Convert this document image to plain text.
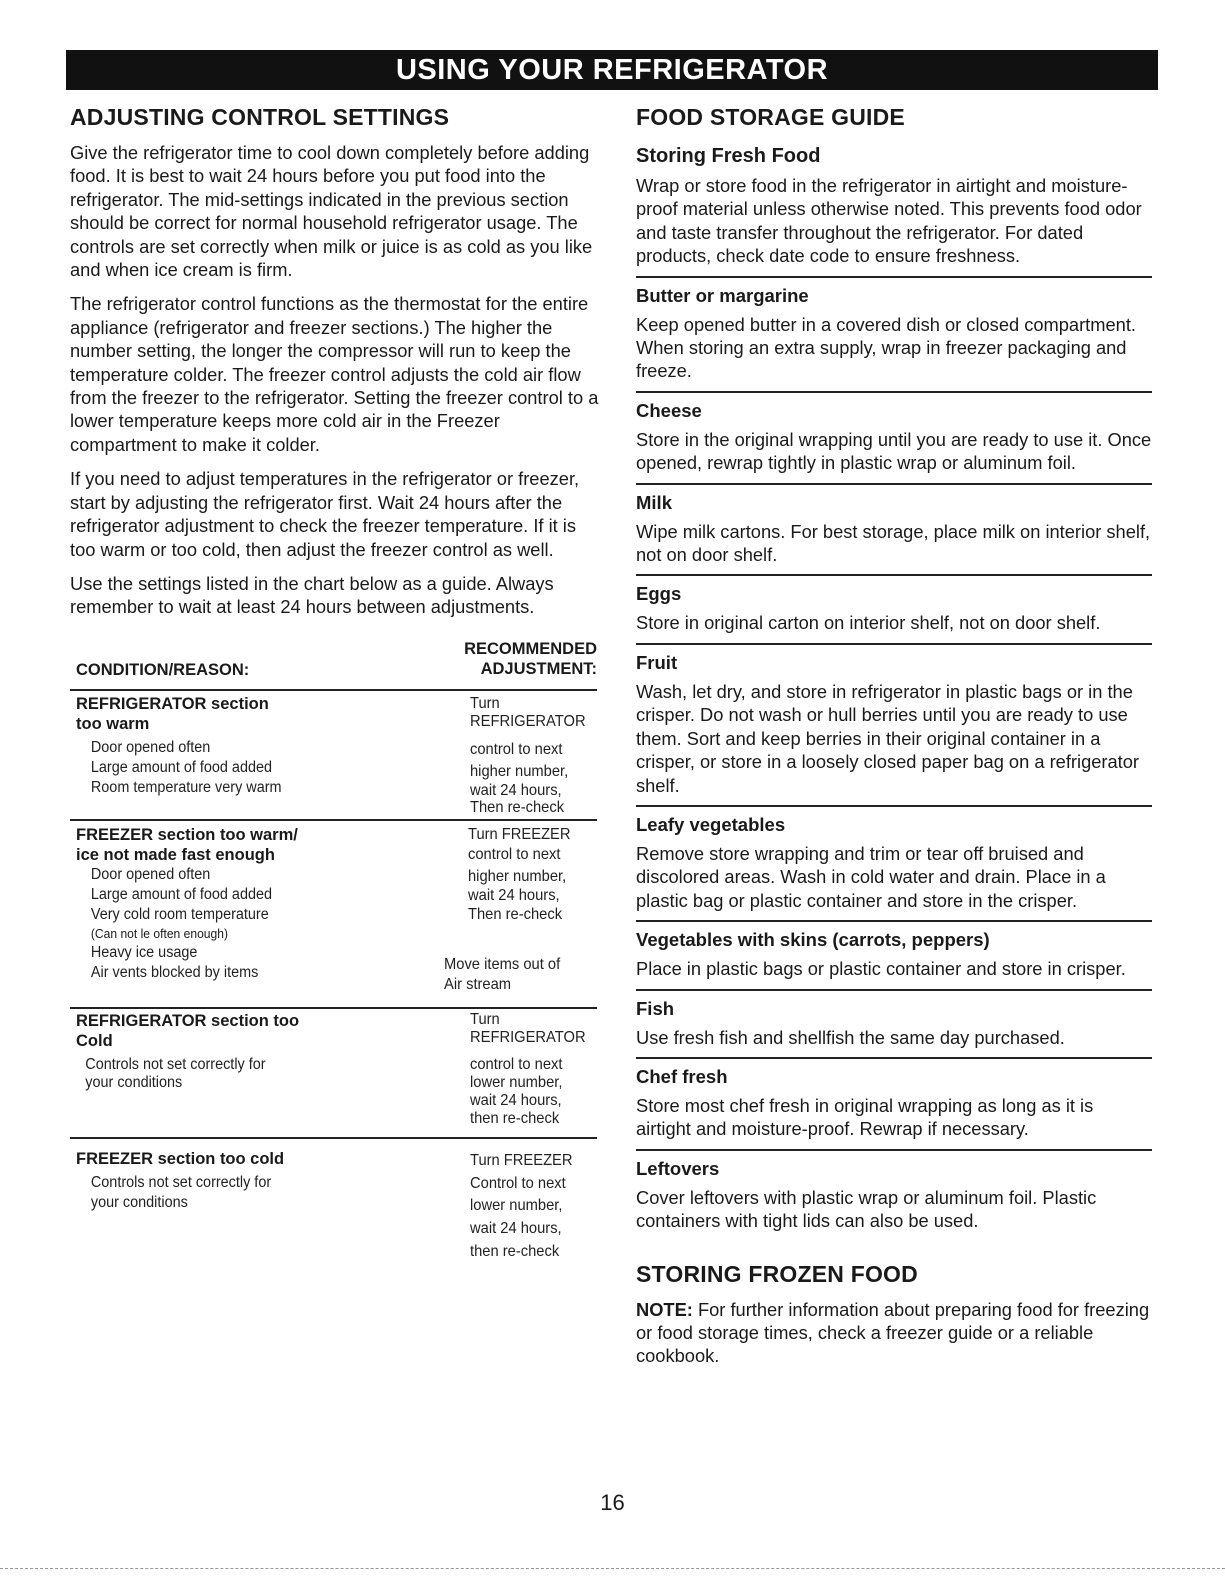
USING YOUR REFRIGERATOR
ADJUSTING CONTROL SETTINGS

Give the refrigerator time to cool down completely before adding food. It is best to wait 24 hours before you put food into the refrigerator. The mid-settings indicated in the previous section should be correct for normal household refrigerator usage. The controls are set correctly when milk or juice is as cold as you like and when ice cream is firm.

The refrigerator control functions as the thermostat for the entire appliance (refrigerator and freezer sections.) The higher the number setting, the longer the compressor will run to keep the temperature colder. The freezer control adjusts the cold air flow from the freezer to the refrigerator. Setting the freezer control to a lower temperature keeps more cold air in the Freezer compartment to make it colder.

If you need to adjust temperatures in the refrigerator or freezer, start by adjusting the refrigerator first. Wait 24 hours after the refrigerator adjustment to check the freezer temperature. If it is too warm or too cold, then adjust the freezer control as well.

Use the settings listed in the chart below as a guide. Always remember to wait at least 24 hours between adjustments.

CONDITION/REASON:
RECOMMENDED
ADJUSTMENT:
REFRIGERATOR section
too warm
Door opened often
Large amount of food added
Room temperature very warm
Turn
REFRIGERATOR
control to next
higher number,
wait 24 hours,
Then re-check
FREEZER section too warm/
ice not made fast enough
Door opened often
Large amount of food added
Very cold room temperature
(Can not le often enough)
Heavy ice usage
Air vents blocked by items
Turn FREEZER
control to next
higher number,
wait 24 hours,
Then re-check
Move items out of
Air stream
REFRIGERATOR section too
Cold
Controls not set correctly for
your conditions
Turn
REFRIGERATOR
control to next
lower number,
wait 24 hours,
then re-check
FREEZER section too cold
Controls not set correctly for
your conditions
Turn FREEZER
Control to next
lower number,
wait 24 hours,
then re-check
FOOD STORAGE GUIDE
Storing Fresh Food

Wrap or store food in the refrigerator in airtight and moisture-proof material unless otherwise noted. This prevents food odor and taste transfer throughout the refrigerator. For dated products, check date code to ensure freshness.

Butter or margarine

Keep opened butter in a covered dish or closed compartment. When storing an extra supply, wrap in freezer packaging and freeze.

Cheese

Store in the original wrapping until you are ready to use it. Once opened, rewrap tightly in plastic wrap or aluminum foil.

Milk

Wipe milk cartons. For best storage, place milk on interior shelf, not on door shelf.

Eggs

Store in original carton on interior shelf, not on door shelf.

Fruit

Wash, let dry, and store in refrigerator in plastic bags or in the crisper. Do not wash or hull berries until you are ready to use them. Sort and keep berries in their original container in a crisper, or store in a loosely closed paper bag on a refrigerator shelf.

Leafy vegetables

Remove store wrapping and trim or tear off bruised and discolored areas. Wash in cold water and drain. Place in a plastic bag or plastic container and store in the crisper.

Vegetables with skins (carrots, peppers)

Place in plastic bags or plastic container and store in crisper.

Fish

Use fresh fish and shellfish the same day purchased.

Chef fresh

Store most chef fresh in original wrapping as long as it is airtight and moisture-proof. Rewrap if necessary.

Leftovers

Cover leftovers with plastic wrap or aluminum foil. Plastic containers with tight lids can also be used.

STORING FROZEN FOOD

NOTE: For further information about preparing food for freezing or food storage times, check a freezer guide or a reliable cookbook.

16
